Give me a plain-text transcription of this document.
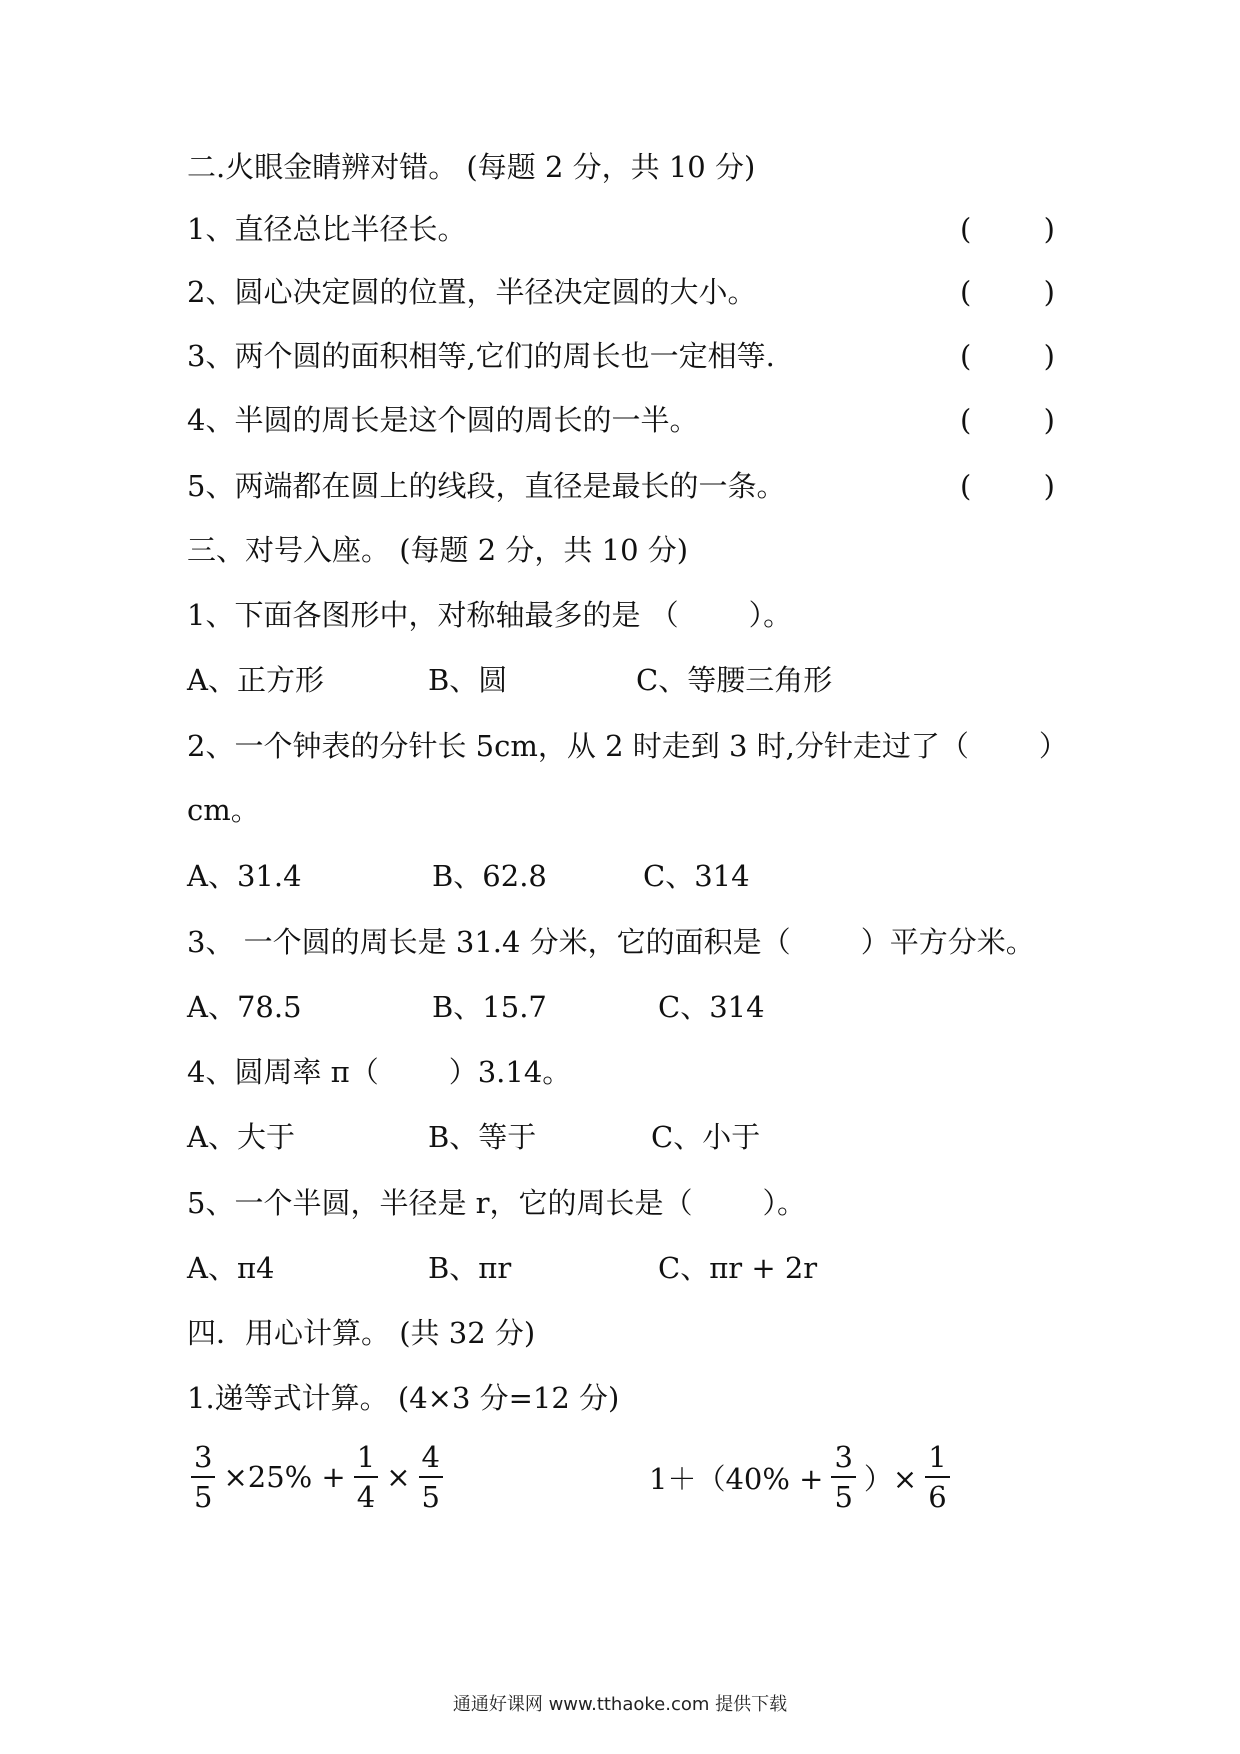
二.火眼金睛辨对错。 (每题 2 分，共 10 分)
1、直径总比半径长。	( )
2、圆心决定圆的位置，半径决定圆的大小。	( )
3、两个圆的面积相等,它们的周长也一定相等.	( )
4、半圆的周长是这个圆的周长的一半。	( )
5、两端都在圆上的线段，直径是最长的一条。	( )
三、对号入座。 (每题 2 分，共 10 分)
1、下面各图形中，对称轴最多的是 （ ）。
A、正方形	B、圆	C、等腰三角形
2、一个钟表的分针长 5cm，从 2 时走到 3 时,分针走过了（ ）
cm。
A、31.4	B、62.8	C、314
3、 一个圆的周长是 31.4 分米，它的面积是（ ）平方分米。
A、78.5	B、15.7	C、314
4、圆周率 π（ ）3.14。
A、大于	B、等于	C、小于
5、一个半圆，半径是 r，它的周长是（ ）。
A、π4	B、πr	C、πr + 2r
四．用心计算。 (共 32 分)
1.递等式计算。 (4×3 分=12 分)
$\frac{3}{5} \times 25\% + \frac{1}{4} \times \frac{4}{5}$	$1+(40\% + \frac{3}{5}$ ）× $\frac{1}{6}$
通通好课网 www.tthaoke.com 提供下载
